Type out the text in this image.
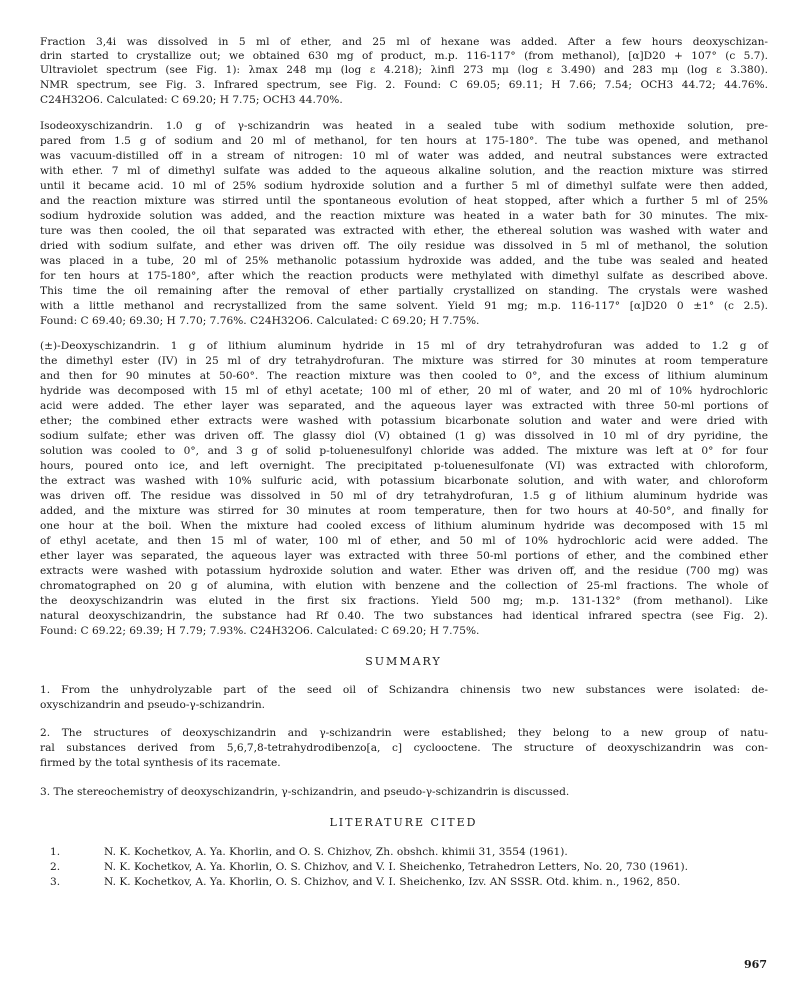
Fraction 3,4i was dissolved in 5 ml of ether, and 25 ml of hexane was added. After a few hours deoxyschizan-
drin started to crystallize out; we obtained 630 mg of product, m.p. 116-117° (from methanol), [α]D20 + 107° (c 5.7).
Ultraviolet spectrum (see Fig. 1): λmax 248 mμ (log ε 4.218); λinfl 273 mμ (log ε 3.490) and 283 mμ (log ε 3.380).
NMR spectrum, see Fig. 3. Infrared spectrum, see Fig. 2. Found: C 69.05; 69.11; H 7.66; 7.54; OCH3 44.72; 44.76%.
C24H32O6. Calculated: C 69.20; H 7.75; OCH3 44.70%.
Isodeoxyschizandrin. 1.0 g of γ-schizandrin was heated in a sealed tube with sodium methoxide solution, pre-
pared from 1.5 g of sodium and 20 ml of methanol, for ten hours at 175-180°. The tube was opened, and methanol
was vacuum-distilled off in a stream of nitrogen: 10 ml of water was added, and neutral substances were extracted
with ether. 7 ml of dimethyl sulfate was added to the aqueous alkaline solution, and the reaction mixture was stirred
until it became acid. 10 ml of 25% sodium hydroxide solution and a further 5 ml of dimethyl sulfate were then added,
and the reaction mixture was stirred until the spontaneous evolution of heat stopped, after which a further 5 ml of 25%
sodium hydroxide solution was added, and the reaction mixture was heated in a water bath for 30 minutes. The mix-
ture was then cooled, the oil that separated was extracted with ether, the ethereal solution was washed with water and
dried with sodium sulfate, and ether was driven off. The oily residue was dissolved in 5 ml of methanol, the solution
was placed in a tube, 20 ml of 25% methanolic potassium hydroxide was added, and the tube was sealed and heated
for ten hours at 175-180°, after which the reaction products were methylated with dimethyl sulfate as described above.
This time the oil remaining after the removal of ether partially crystallized on standing. The crystals were washed
with a little methanol and recrystallized from the same solvent. Yield 91 mg; m.p. 116-117° [α]D20 0 ±1° (c 2.5).
Found: C 69.40; 69.30; H 7.70; 7.76%. C24H32O6. Calculated: C 69.20; H 7.75%.
(±)-Deoxyschizandrin. 1 g of lithium aluminum hydride in 15 ml of dry tetrahydrofuran was added to 1.2 g of
the dimethyl ester (IV) in 25 ml of dry tetrahydrofuran. The mixture was stirred for 30 minutes at room temperature
and then for 90 minutes at 50-60°. The reaction mixture was then cooled to 0°, and the excess of lithium aluminum
hydride was decomposed with 15 ml of ethyl acetate; 100 ml of ether, 20 ml of water, and 20 ml of 10% hydrochloric
acid were added. The ether layer was separated, and the aqueous layer was extracted with three 50-ml portions of
ether; the combined ether extracts were washed with potassium bicarbonate solution and water and were dried with
sodium sulfate; ether was driven off. The glassy diol (V) obtained (1 g) was dissolved in 10 ml of dry pyridine, the
solution was cooled to 0°, and 3 g of solid p-toluenesulfonyl chloride was added. The mixture was left at 0° for four
hours, poured onto ice, and left overnight. The precipitated p-toluenesulfonate (VI) was extracted with chloroform,
the extract was washed with 10% sulfuric acid, with potassium bicarbonate solution, and with water, and chloroform
was driven off. The residue was dissolved in 50 ml of dry tetrahydrofuran, 1.5 g of lithium aluminum hydride was
added, and the mixture was stirred for 30 minutes at room temperature, then for two hours at 40-50°, and finally for
one hour at the boil. When the mixture had cooled excess of lithium aluminum hydride was decomposed with 15 ml
of ethyl acetate, and then 15 ml of water, 100 ml of ether, and 50 ml of 10% hydrochloric acid were added. The
ether layer was separated, the aqueous layer was extracted with three 50-ml portions of ether, and the combined ether
extracts were washed with potassium hydroxide solution and water. Ether was driven off, and the residue (700 mg) was
chromatographed on 20 g of alumina, with elution with benzene and the collection of 25-ml fractions. The whole of
the deoxyschizandrin was eluted in the first six fractions. Yield 500 mg; m.p. 131-132° (from methanol). Like
natural deoxyschizandrin, the substance had Rf 0.40. The two substances had identical infrared spectra (see Fig. 2).
Found: C 69.22; 69.39; H 7.79; 7.93%. C24H32O6. Calculated: C 69.20; H 7.75%.
SUMMARY
1. From the unhydrolyzable part of the seed oil of Schizandra chinensis two new substances were isolated: de-
oxyschizandrin and pseudo-γ-schizandrin.
2. The structures of deoxyschizandrin and γ-schizandrin were established; they belong to a new group of natu-
ral substances derived from 5,6,7,8-tetrahydrodibenzo[a, c] cyclooctene. The structure of deoxyschizandrin was con-
firmed by the total synthesis of its racemate.
3. The stereochemistry of deoxyschizandrin, γ-schizandrin, and pseudo-γ-schizandrin is discussed.
LITERATURE CITED
1.	N. K. Kochetkov, A. Ya. Khorlin, and O. S. Chizhov, Zh. obshch. khimii 31, 3554 (1961).
2.	N. K. Kochetkov, A. Ya. Khorlin, O. S. Chizhov, and V. I. Sheichenko, Tetrahedron Letters, No. 20, 730 (1961).
3.	N. K. Kochetkov, A. Ya. Khorlin, O. S. Chizhov, and V. I. Sheichenko, Izv. AN SSSR. Otd. khim. n., 1962, 850.
967
